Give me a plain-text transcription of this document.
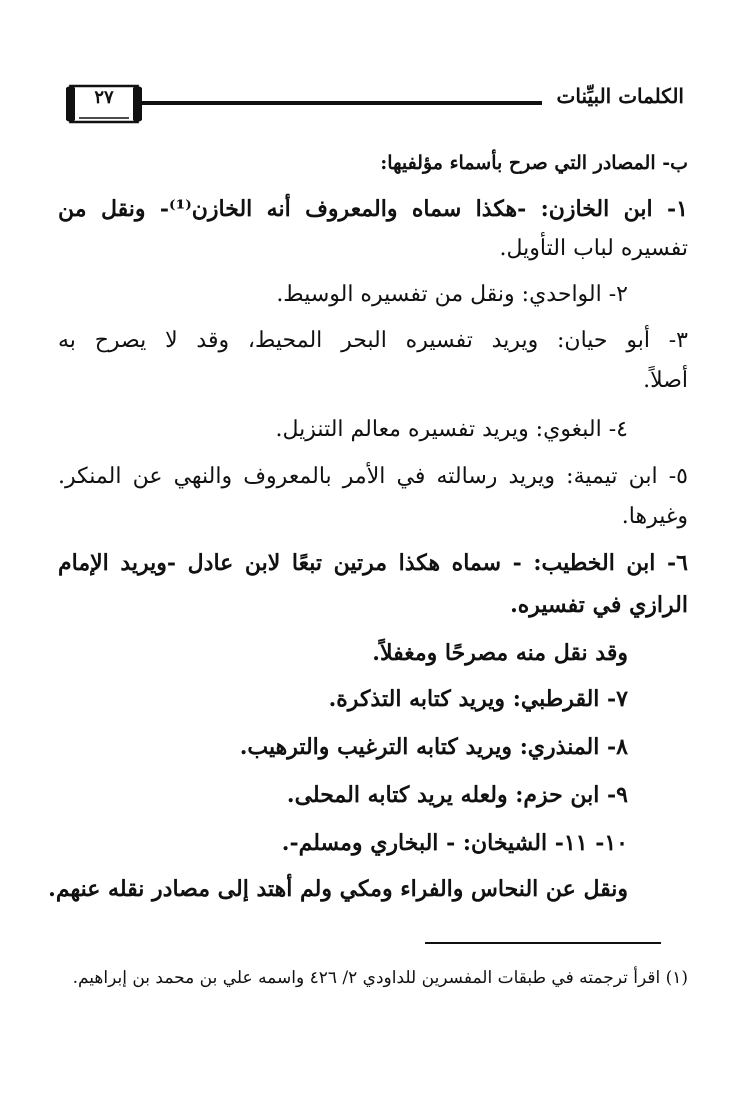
الكلمات البيِّنات
٢٧
ب- المصادر التي صرح بأسماء مؤلفيها:
١- ابن الخازن: -هكذا سماه والمعروف أنه الخازن⁽¹⁾- ونقل من
تفسيره لباب التأويل.
٢- الواحدي: ونقل من تفسيره الوسيط.
٣- أبو حيان: ويريد تفسيره البحر المحيط، وقد لا يصرح به
أصلاً.
٤- البغوي: ويريد تفسيره معالم التنزيل.
٥- ابن تيمية: ويريد رسالته في الأمر بالمعروف والنهي عن المنكر.
وغيرها.
٦- ابن الخطيب: - سماه هكذا مرتين تبعًا لابن عادل -ويريد الإمام
الرازي في تفسيره.
وقد نقل منه مصرحًا ومغفلاً.
٧- القرطبي: ويريد كتابه التذكرة.
٨- المنذري: ويريد كتابه الترغيب والترهيب.
٩- ابن حزم: ولعله يريد كتابه المحلى.
١٠- ١١- الشيخان: - البخاري ومسلم-.
ونقل عن النحاس والفراء ومكي ولم أهتد إلى مصادر نقله عنهم.
(١) اقرأ ترجمته في طبقات المفسرين للداودي ٢/ ٤٢٦ واسمه علي بن محمد بن إبراهيم.
